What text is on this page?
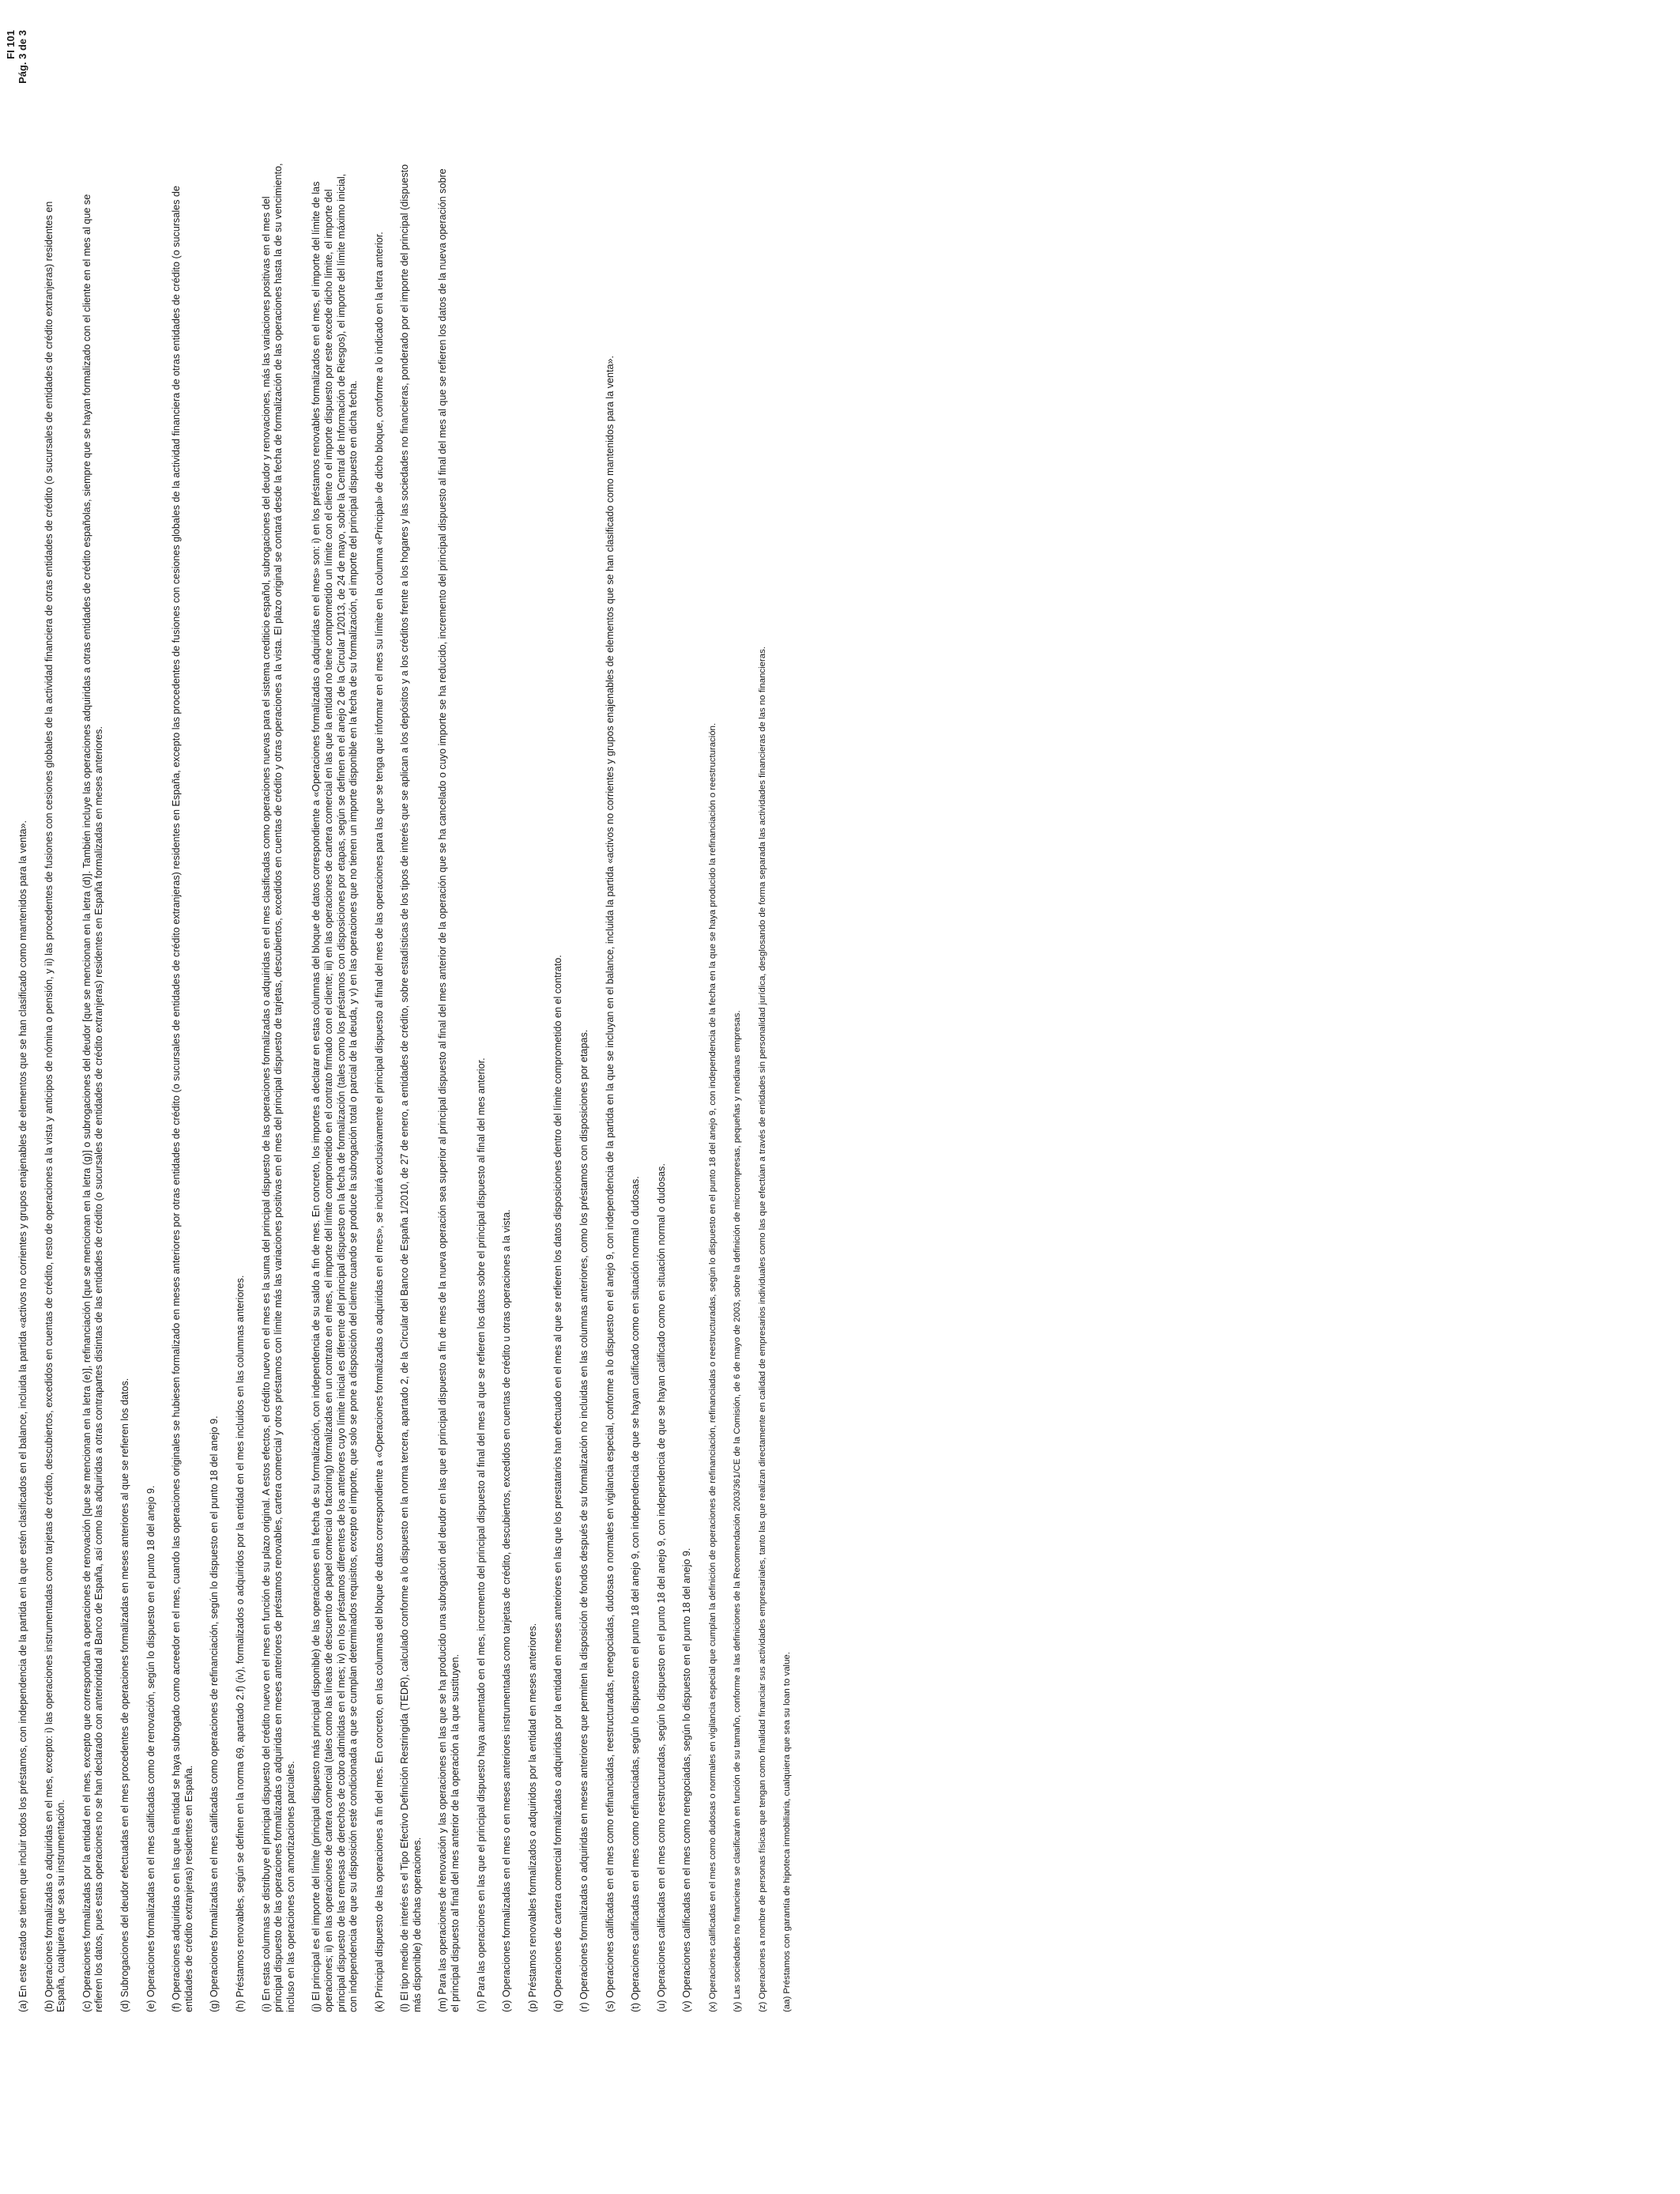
FI 101 Pág. 3 de 3

(a) En este estado se tienen que incluir todos los préstamos, con independencia de la partida en la que estén clasificados en el balance, incluida la partida «activos no corrientes y grupos enajenables de elementos que se han clasificado como mantenidos para la venta». (b) Operaciones formalizadas o adquiridas en el mes, excepto: i) las operaciones instrumentadas como tarjetas de crédito, descubiertos, excedidos en cuentas de crédito, resto de operaciones a la vista y anticipos de nómina o pensión, y ii) las procedentes de fusiones con cesiones globales de la actividad financiera de otras entidades de crédito (o sucursales de entidades de crédito extranjeras) residentes en España, cualquiera que sea su instrumentación. (c) Operaciones formalizadas por la entidad en el mes, excepto que correspondan a operaciones de renovación [que se mencionan en la letra (e)], refinanciación [que se mencionan en la letra (g)] o subrogaciones del deudor [que se mencionan en la letra (d)]. También incluye las operaciones adquiridas a otras entidades de crédito españolas, siempre que se hayan formalizado con el cliente en el mes al que se refieren los datos, pues estas operaciones no se han declarado con anterioridad al Banco de España, así como las adquiridas a otras contrapartes distintas de las entidades de crédito (o sucursales de entidades de crédito extranjeras) residentes en España formalizadas en meses anteriores. (d) Subrogaciones del deudor efectuadas en el mes procedentes de operaciones formalizadas en meses anteriores al que se refieren los datos. (e) Operaciones formalizadas en el mes calificadas como de renovación, según lo dispuesto en el punto 18 del anejo 9. (f) Operaciones adquiridas o en las que la entidad se haya subrogado como acreedor en el mes, cuando las operaciones originales se hubiesen formalizado en meses anteriores por otras entidades de crédito (o sucursales de entidades de crédito extranjeras) residentes en España, excepto las procedentes de fusiones con cesiones globales de la actividad financiera de otras entidades de crédito (o sucursales de entidades de crédito extranjeras) residentes en España. (g) Operaciones formalizadas en el mes calificadas como operaciones de refinanciación, según lo dispuesto en el punto 18 del anejo 9. (h) Préstamos renovables, según se definen en la norma 69, apartado 2.f) (iv), formalizados o adquiridos por la entidad en el mes incluidos en las columnas anteriores. (i) En estas columnas se distribuye el principal dispuesto del crédito nuevo en el mes en función de su plazo original. A estos efectos, el crédito nuevo en el mes es la suma del principal dispuesto de las operaciones formalizadas o adquiridas en el mes clasificadas como operaciones nuevas para el sistema crediticio español, subrogaciones del deudor y renovaciones, más las variaciones positivas en el mes del principal dispuesto de las operaciones formalizadas o adquiridas en meses anteriores de préstamos renovables, cartera comercial y otros préstamos con límite más las variaciones positivas en el mes del principal dispuesto de tarjetas, descubiertos, excedidos en cuentas de crédito y otras operaciones a la vista. El plazo original se contará desde la fecha de formalización de las operaciones hasta la de su vencimiento, incluso en las operaciones con amortizaciones parciales. (j) El principal es el importe del límite (principal dispuesto más principal disponible) de las operaciones en la fecha de su formalización, con independencia de su saldo a fin de mes. En concreto, los importes a declarar en estas columnas del bloque de datos correspondiente a «Operaciones formalizadas o adquiridas en el mes» son: i) en los préstamos renovables formalizados en el mes, el importe del límite de las operaciones; ii) en las operaciones de cartera comercial (tales como las líneas de descuento de papel comercial o factoring) formalizadas en un contrato en el mes, el importe del límite comprometido en el contrato firmado con el cliente; iii) en las operaciones de cartera comercial en las que la entidad no tiene comprometido un límite con el cliente o el importe dispuesto por este excede dicho límite, el importe del principal dispuesto de las remesas de derechos de cobro admitidas en el mes; iv) en los préstamos diferentes de los anteriores cuyo límite inicial es diferente del principal dispuesto en la fecha de formalización (tales como los préstamos con disposiciones por etapas, según se definen en el anejo 2 de la Circular 1/2013, de 24 de mayo, sobre la Central de Información de Riesgos), el importe del límite máximo inicial, con independencia de que su disposición esté condicionada a que se cumplan determinados requisitos, excepto el importe, que solo se pone a disposición del cliente cuando se produce la subrogación total o parcial de la deuda, y v) en las operaciones que no tienen un importe disponible en la fecha de su formalización, el importe del principal dispuesto en dicha fecha. (k) Principal dispuesto de las operaciones a fin del mes. En concreto, en las columnas del bloque de datos correspondiente a «Operaciones formalizadas o adquiridas en el mes», se incluirá exclusivamente el principal dispuesto al final del mes de las operaciones para las que se tenga que informar en el mes su límite en la columna «Principal» de dicho bloque, conforme a lo indicado en la letra anterior. (l) El tipo medio de interés es el Tipo Efectivo Definición Restringida (TEDR), calculado conforme a lo dispuesto en la norma tercera, apartado 2, de la Circular del Banco de España 1/2010, de 27 de enero, a entidades de crédito, sobre estadísticas de los tipos de interés que se aplican a los depósitos y a los créditos frente a los hogares y las sociedades no financieras, ponderado por el importe del principal (dispuesto más disponible) de dichas operaciones. (m) Para las operaciones de renovación y las operaciones en las que se ha producido una subrogación del deudor en las que el principal dispuesto a fin de mes de la nueva operación sea superior al principal dispuesto al final del mes anterior de la operación que se ha cancelado o cuyo importe se ha reducido, incremento del principal dispuesto al final del mes al que se refieren los datos de la nueva operación sobre el principal dispuesto al final del mes anterior de la operación a la que sustituyen. (n) Para las operaciones en las que el principal dispuesto haya aumentado en el mes, incremento del principal dispuesto al final del mes al que se refieren los datos sobre el principal dispuesto al final del mes anterior. (o) Operaciones formalizadas en el mes o en meses anteriores instrumentadas como tarjetas de crédito, descubiertos, excedidos en cuentas de crédito u otras operaciones a la vista. (p) Préstamos renovables formalizados o adquiridos por la entidad en meses anteriores. (q) Operaciones de cartera comercial formalizadas o adquiridas por la entidad en meses anteriores en las que los prestatarios han efectuado en el mes al que se refieren los datos disposiciones dentro del límite comprometido en el contrato. (r) Operaciones formalizadas o adquiridas en meses anteriores que permiten la disposición de fondos después de su formalización no incluidas en las columnas anteriores, como los préstamos con disposiciones por etapas. (s) Operaciones calificadas en el mes como refinanciadas, reestructuradas, renegociadas, dudosas o normales en vigilancia especial, conforme a lo dispuesto en el anejo 9, con independencia de la partida en la que se incluyan en el balance, incluida la partida «activos no corrientes y grupos enajenables de elementos que se han clasificado como mantenidos para la venta». (t) Operaciones calificadas en el mes como refinanciadas, según lo dispuesto en el punto 18 del anejo 9, con independencia de que se hayan calificado como en situación normal o dudosas. (u) Operaciones calificadas en el mes como reestructuradas, según lo dispuesto en el punto 18 del anejo 9, con independencia de que se hayan calificado como en situación normal o dudosas. (v) Operaciones calificadas en el mes como renegociadas, según lo dispuesto en el punto 18 del anejo 9. (x) Operaciones calificadas en el mes como dudosas o normales en vigilancia especial que cumplan la definición de operaciones de refinanciación, refinanciadas o reestructuradas, según lo dispuesto en el punto 18 del anejo 9, con independencia de la fecha en la que se haya producido la refinanciación o reestructuración. (y) Las sociedades no financieras se clasificarán en función de su tamaño, conforme a las definiciones de la Recomendación 2003/361/CE de la Comisión, de 6 de mayo de 2003, sobre la definición de microempresas, pequeñas y medianas empresas. (z) Operaciones a nombre de personas físicas que tengan como finalidad financiar sus actividades empresariales, tanto las que realizan directamente en calidad de empresarios individuales como las que efectúan a través de entidades sin personalidad jurídica, desglosando de forma separada las actividades financieras de las no financieras. (aa) Préstamos con garantía de hipoteca inmobiliaria, cualquiera que sea su loan to value.
